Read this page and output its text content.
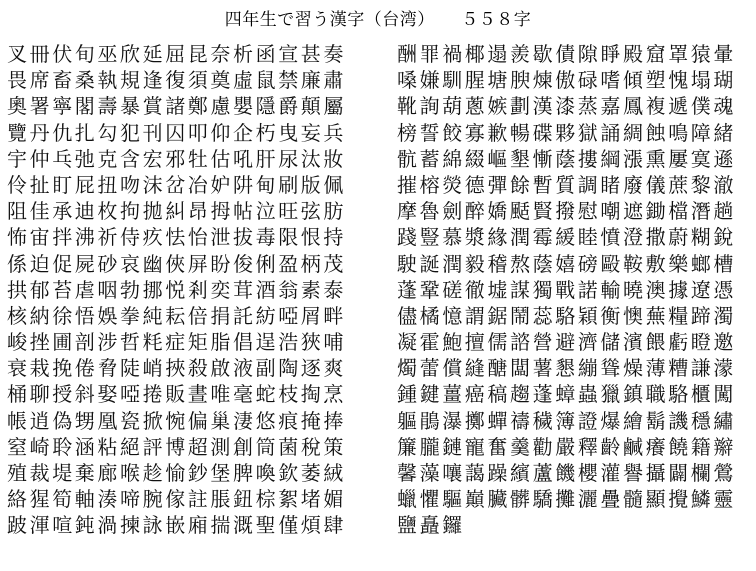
四年生で習う漢字（台湾）　　５５８字
叉冊伏旬巫欣延屈昆奈析函宣甚奏
畏席畜桑執規逢復須奠虛鼠禁廉肅
奧署寧閣壽暴賞諸鄭慮嬰隱爵顛屬
覽丹仇扎勾犯刊囚叩仰企朽曳妄兵
宇仲乓弛克含宏邪牡估吼肝尿汰妝
伶扯盯屁扭吻沫岔冶妒阱甸刷版佩
阻佳承迪枚拘拋糾昂拇帖泣旺弦肪
怖宙拌沸祈侍疚怯怡泄拔毒限恨持
係迫促屍砂哀幽俠屏盼俊俐盈柄茂
拱郁苔虐咽勃挪悦剎奕茸酒翁素泰
核納徐悟娛拳純耘倍捐託紡啞屑畔
峻挫圃剖涉哲粍症矩脂倡逞浩狹哺
衰栽挽倦脅陡峭挾殺啟液副陶逐爽
桶聊授斜娶啞捲販晝唯毫蛇枝掏烹
帳逍偽甥凰瓷掀惋偏巢淒悠痕掩捧
窒崎聆涵粘絕評博超測創筒菌稅策
殖裁堤棄廊喉趁愉鈔堡脾喚欽萎絨
絡猩筍軸湊啼腕傢註脹鈕棕絮堵媚
跛渾喧鈍渦揀詠嵌廂揣溉聖僅煩肆
酬罪禍椰遢羨歇債隙睜殿窟罩猿暈
嗓嫌馴腥塘腴煉傲碌嗜傾塑愧塌瑚
靴詢葫蔥嫉劃漢漆蒸嘉鳳複遞僕魂
榜誓餃寡歉暢碟夥獄誦綢蝕鳴障緒
骯蓄綿綴嶇墾慚蔭摟綱漲熏屢寞遜
摧榕熒德彈餘暫質調睹廢儀蔗黎澈
摩魯劍醉嬌颳賢撥慰嘲遮鋤檔潛趟
踐豎慕漿緣潤霉緩睦憤澄撒蔚糊銳
駛誕潤毅稽熬蔭嬉磅毆鞍敷樂螂槽
蓬鞏磋徹墟謀獨戰諾輸曉澳據遼憑
儘橘憶謂鋸鬧蕊駱穎衡懊蕪糧蹄濁
凝霍鮑擅儒諮營避濟儲濱餵虧瞪邀
燭蕾償縫醣闆薯懇繃聳燥薄糟謙濛
鍾鍵薑癌稿趨蓬蟑蟲獵鎮職駱櫃闖
軀鵑瀑擲蟬禱穢簿證爆繪鬍譏穩繡
簾朧鏈寵奮羹勸嚴釋齡鹹癢饒籍辮
馨藻嚷藹躁繽蘆饑櫻灌譽攝闢欄鶯
蠟懼驅巔臟髒驕攤灑疊髓顯攪鱗靈
鹽矗鑼
